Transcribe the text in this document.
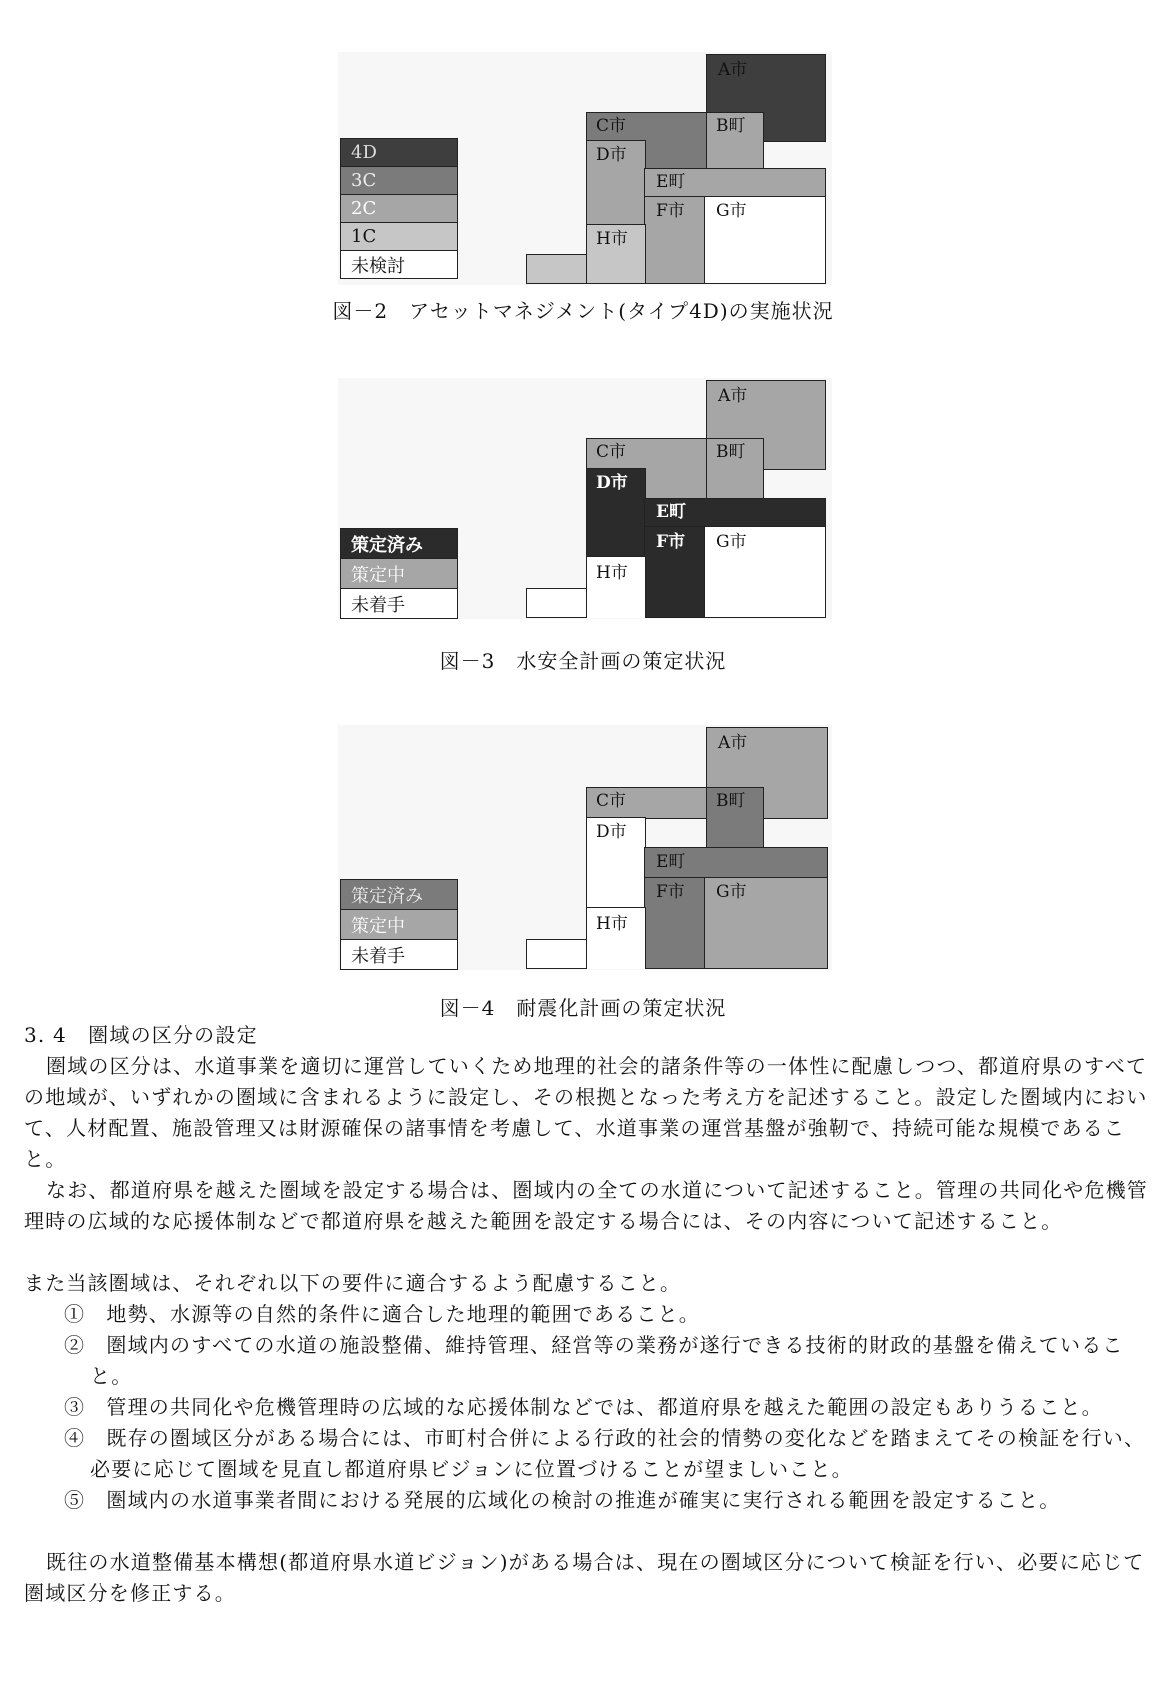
A市
B町
C市
D市
E町
F市 G市
H市
4D
3C
2C
1C
未検討
図－2　アセットマネジメント(タイプ4D)の実施状況
A市
B町
C市
D市
E町
F市 G市
H市
策定済み
策定中
未着手
図－3　水安全計画の策定状況
A市
B町
C市
D市
E町
F市 G市
H市
策定済み
策定中
未着手
図－4　耐震化計画の策定状況

3. 4　圏域の区分の設定

圏域の区分は、水道事業を適切に運営していくため地理的社会的諸条件等の一体性に配慮しつつ、都道府県のすべての地域が、いずれかの圏域に含まれるように設定し、その根拠となった考え方を記述すること。設定した圏域内において、人材配置、施設管理又は財源確保の諸事情を考慮して、水道事業の運営基盤が強靭で、持続可能な規模であること。

なお、都道府県を越えた圏域を設定する場合は、圏域内の全ての水道について記述すること。管理の共同化や危機管理時の広域的な応援体制などで都道府県を越えた範囲を設定する場合には、その内容について記述すること。

また当該圏域は、それぞれ以下の要件に適合するよう配慮すること。

①　地勢、水源等の自然的条件に適合した地理的範囲であること。

②　圏域内のすべての水道の施設整備、維持管理、経営等の業務が遂行できる技術的財政的基盤を備えていること。

③　管理の共同化や危機管理時の広域的な応援体制などでは、都道府県を越えた範囲の設定もありうること。

④　既存の圏域区分がある場合には、市町村合併による行政的社会的情勢の変化などを踏まえてその検証を行い、必要に応じて圏域を見直し都道府県ビジョンに位置づけることが望ましいこと。

⑤　圏域内の水道事業者間における発展的広域化の検討の推進が確実に実行される範囲を設定すること。

既往の水道整備基本構想(都道府県水道ビジョン)がある場合は、現在の圏域区分について検証を行い、必要に応じて圏域区分を修正する。
